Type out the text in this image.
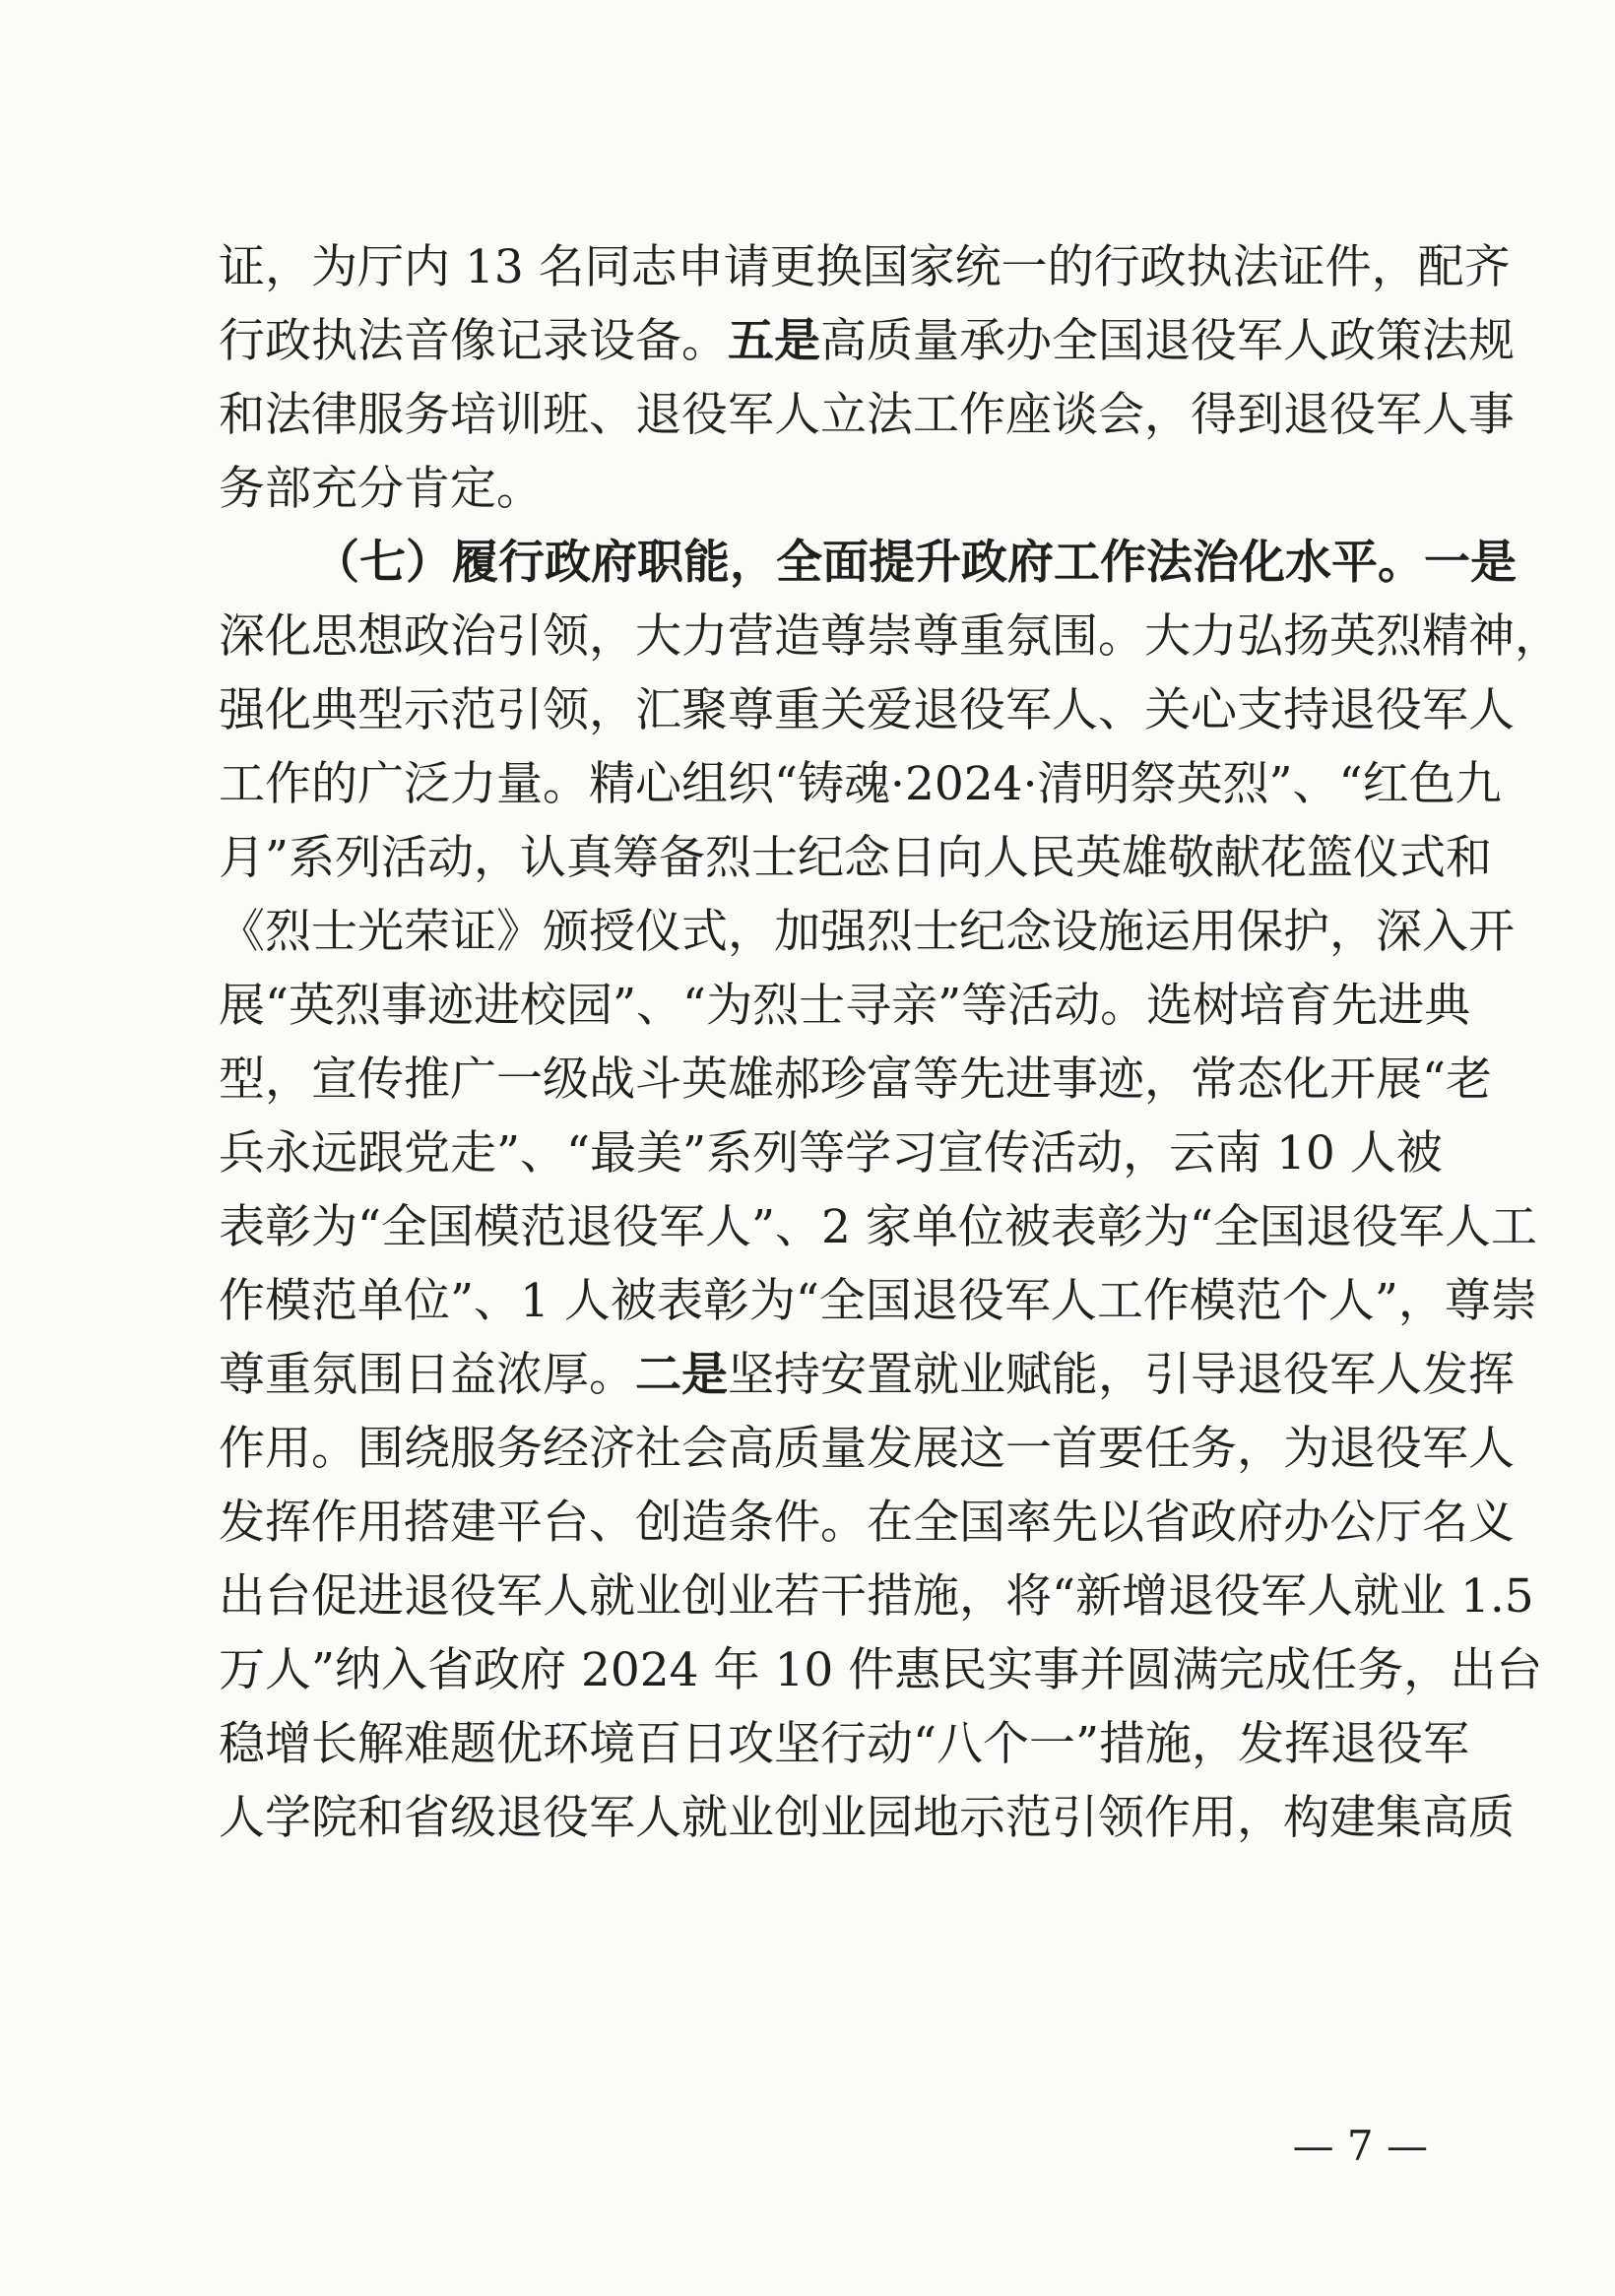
证，为厅内 13 名同志申请更换国家统一的行政执法证件，配齐
行政执法音像记录设备。五是高质量承办全国退役军人政策法规
和法律服务培训班、退役军人立法工作座谈会，得到退役军人事
务部充分肯定。
（七）履行政府职能，全面提升政府工作法治化水平。一是
深化思想政治引领，大力营造尊崇尊重氛围。大力弘扬英烈精神，
强化典型示范引领，汇聚尊重关爱退役军人、关心支持退役军人
工作的广泛力量。精心组织“铸魂·2024·清明祭英烈”、“红色九
月”系列活动，认真筹备烈士纪念日向人民英雄敬献花篮仪式和
《烈士光荣证》颁授仪式，加强烈士纪念设施运用保护，深入开
展“英烈事迹进校园”、“为烈士寻亲”等活动。选树培育先进典
型，宣传推广一级战斗英雄郝珍富等先进事迹，常态化开展“老
兵永远跟党走”、“最美”系列等学习宣传活动，云南 10 人被
表彰为“全国模范退役军人”、2 家单位被表彰为“全国退役军人工
作模范单位”、1 人被表彰为“全国退役军人工作模范个人”，尊崇
尊重氛围日益浓厚。二是坚持安置就业赋能，引导退役军人发挥
作用。围绕服务经济社会高质量发展这一首要任务，为退役军人
发挥作用搭建平台、创造条件。在全国率先以省政府办公厅名义
出台促进退役军人就业创业若干措施，将“新增退役军人就业 1.5
万人”纳入省政府 2024 年 10 件惠民实事并圆满完成任务，出台
稳增长解难题优环境百日攻坚行动“八个一”措施，发挥退役军
人学院和省级退役军人就业创业园地示范引领作用，构建集高质
— 7 —
